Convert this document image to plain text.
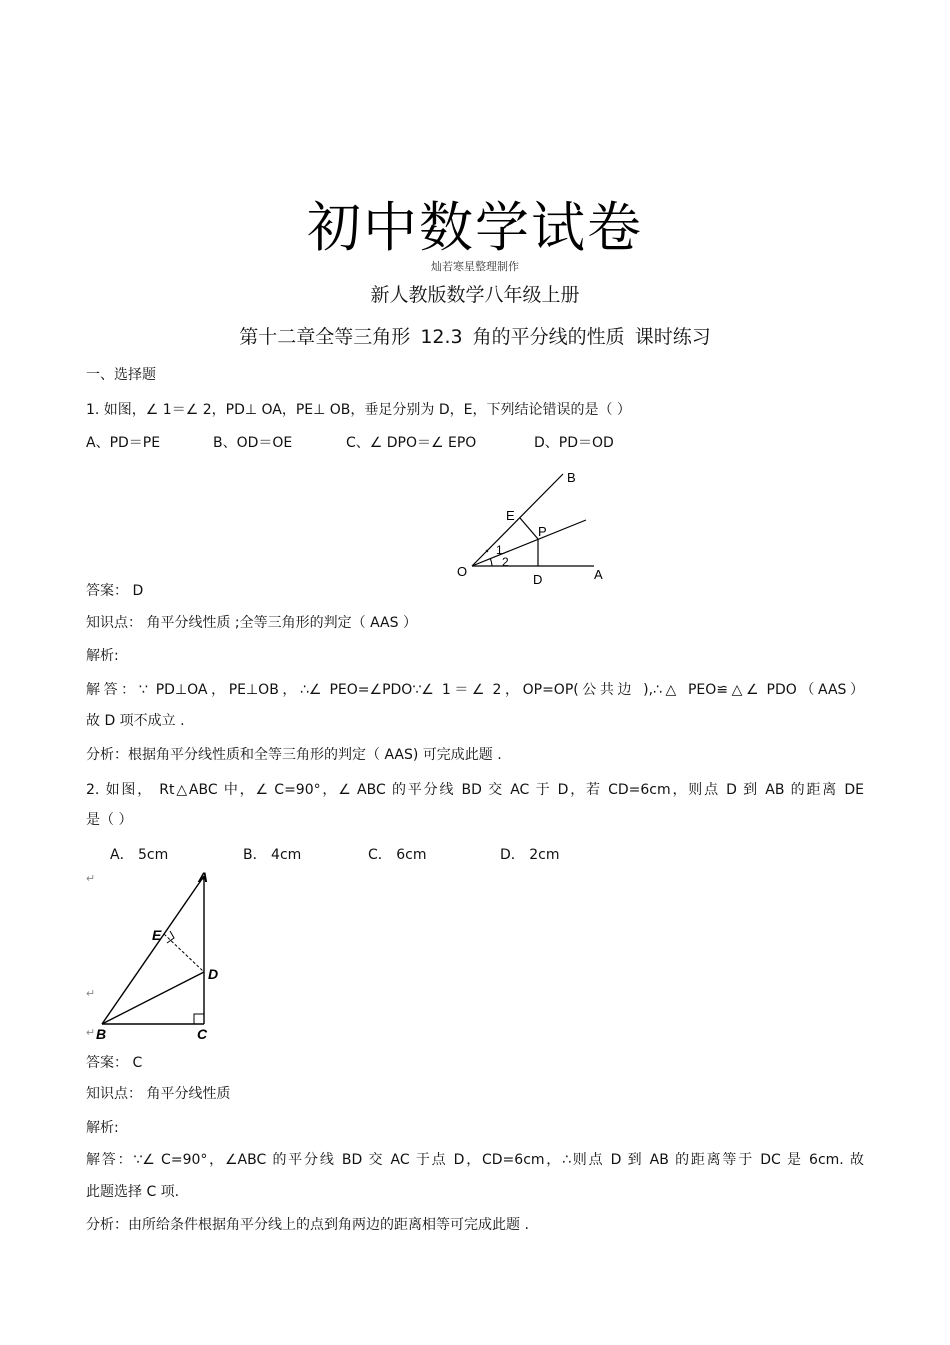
初中数学试卷
灿若寒星整理制作
新人教版数学八年级上册
第十二章全等三角形 12.3 角的平分线的性质 课时练习
一、选择题
1. 如图，∠ 1＝∠ 2，PD⊥ OA，PE⊥ OB，垂足分别为 D，E，下列结论错误的是（ ）
A、PD＝PE	B、OD＝OE	C、∠ DPO＝∠ EPO	D、PD＝OD
B
E
P
O
D	A
1
2
答案： D
知识点： 角平分线性质 ;全等三角形的判定（ AAS ）
解析:
解答：∵ PD⊥OA，PE⊥OB，∴∠ PEO=∠PDO∵∠ 1＝∠ 2，OP=OP(公共边 ),∴△ PEO≌△∠ PDO（AAS）
故 D 项不成立 .
分析：根据角平分线性质和全等三角形的判定（ AAS) 可完成此题 .
2. 如图， Rt△ABC 中，∠ C=90°，∠ ABC 的平分线 BD 交 AC 于 D，若 CD=6cm，则点 D 到 AB 的距离 DE
是（ ）
A． 5cm	B． 4cm	C． 6cm	D． 2cm
↵
↵
↵
A
E
D
B	C
答案： C
知识点： 角平分线性质
解析:
解答：∵∠ C=90°，∠ABC 的平分线 BD 交 AC 于点 D，CD=6cm，∴则点 D 到 AB 的距离等于 DC 是 6cm. 故
此题选择 C 项.
分析：由所给条件根据角平分线上的点到角两边的距离相等可完成此题 .
